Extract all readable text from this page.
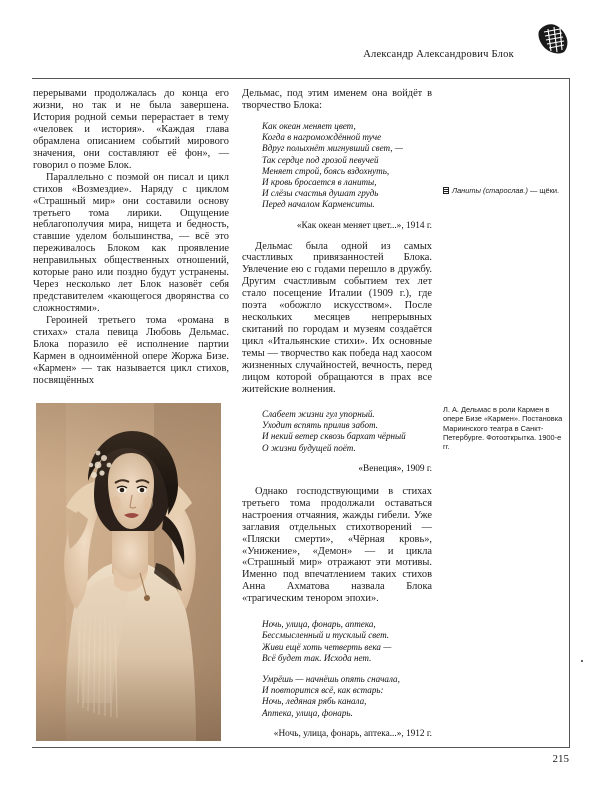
Александр Александрович Блок

перерывами продолжалась до конца его жизни, но так и не была завершена. История родной семьи перерастает в тему «человек и история». «Каждая глава обрамлена описанием событий мирового значения, они составляют её фон», — говорил о поэме Блок.

Параллельно с поэмой он писал и цикл стихов «Возмездие». Наряду с циклом «Страшный мир» они составили основу третьего тома лирики. Ощущение неблагополучия мира, нищета и бедность, ставшие уделом большинства, — всё это переживалось Блоком как проявление неправильных общественных отношений, которые рано или поздно будут устранены. Через несколько лет Блок назовёт себя представителем «кающегося дворянства со сложностями».

Героиней третьего тома «романа в стихах» стала певица Любовь Дельмас. Блока поразило её исполнение партии Кармен в одноимённой опере Жоржа Бизе. «Кармен» — так называется цикл стихов, посвящённых

Дельмас, под этим именем она войдёт в творчество Блока:

Как океан меняет цвет,
Когда в нагромождённой туче
Вдруг полыхнёт мигнувший свет, —
Так сердце под грозой певучей
Меняет строй, боясь вздохнуть,
И кровь бросается в ланиты,
И слёзы счастья душат грудь
Перед началом Карменситы.
«Как океан меняет цвет...», 1914 г.

Дельмас была одной из самых счастливых привязанностей Блока. Увлечение ею с годами перешло в дружбу. Другим счастливым событием тех лет стало посещение Италии (1909 г.), где поэта «обожгло искусством». После нескольких месяцев непрерывных скитаний по городам и музеям создаётся цикл «Итальянские стихи». Их основные темы — творчество как победа над хаосом жизненных случайностей, вечность, перед лицом которой обращаются в прах все житейские волнения.

Слабеет жизни гул упорный.
Уходит вспять прилив забот.
И некий ветер сквозь бархат чёрный
О жизни будущей поёт.
«Венеция», 1909 г.

Однако господствующими в стихах третьего тома продолжали оставаться настроения отчаяния, жажды гибели. Уже заглавия отдельных стихотворений — «Пляски смерти», «Чёрная кровь», «Унижение», «Демон» — и цикла «Страшный мир» отражают эти мотивы. Именно под впечатлением таких стихов Анна Ахматова назвала Блока «трагическим тенором эпохи».

Ночь, улица, фонарь, аптека,
Бессмысленный и тусклый свет.
Живи ещё хоть четверть века —
Всё будет так. Исхода нет.
Умрёшь — начнёшь опять сначала,
И повторится всё, как встарь:
Ночь, ледяная рябь канала,
Аптека, улица, фонарь.
«Ночь, улица, фонарь, аптека...», 1912 г.
Ланиты (старослав.) — щёки.
Л. А. Дельмас в роли Кармен в опере Бизе «Кармен». Постановка Мариинского театра в Санкт-Петербурге. Фотооткрытка. 1900-е гг.
215
